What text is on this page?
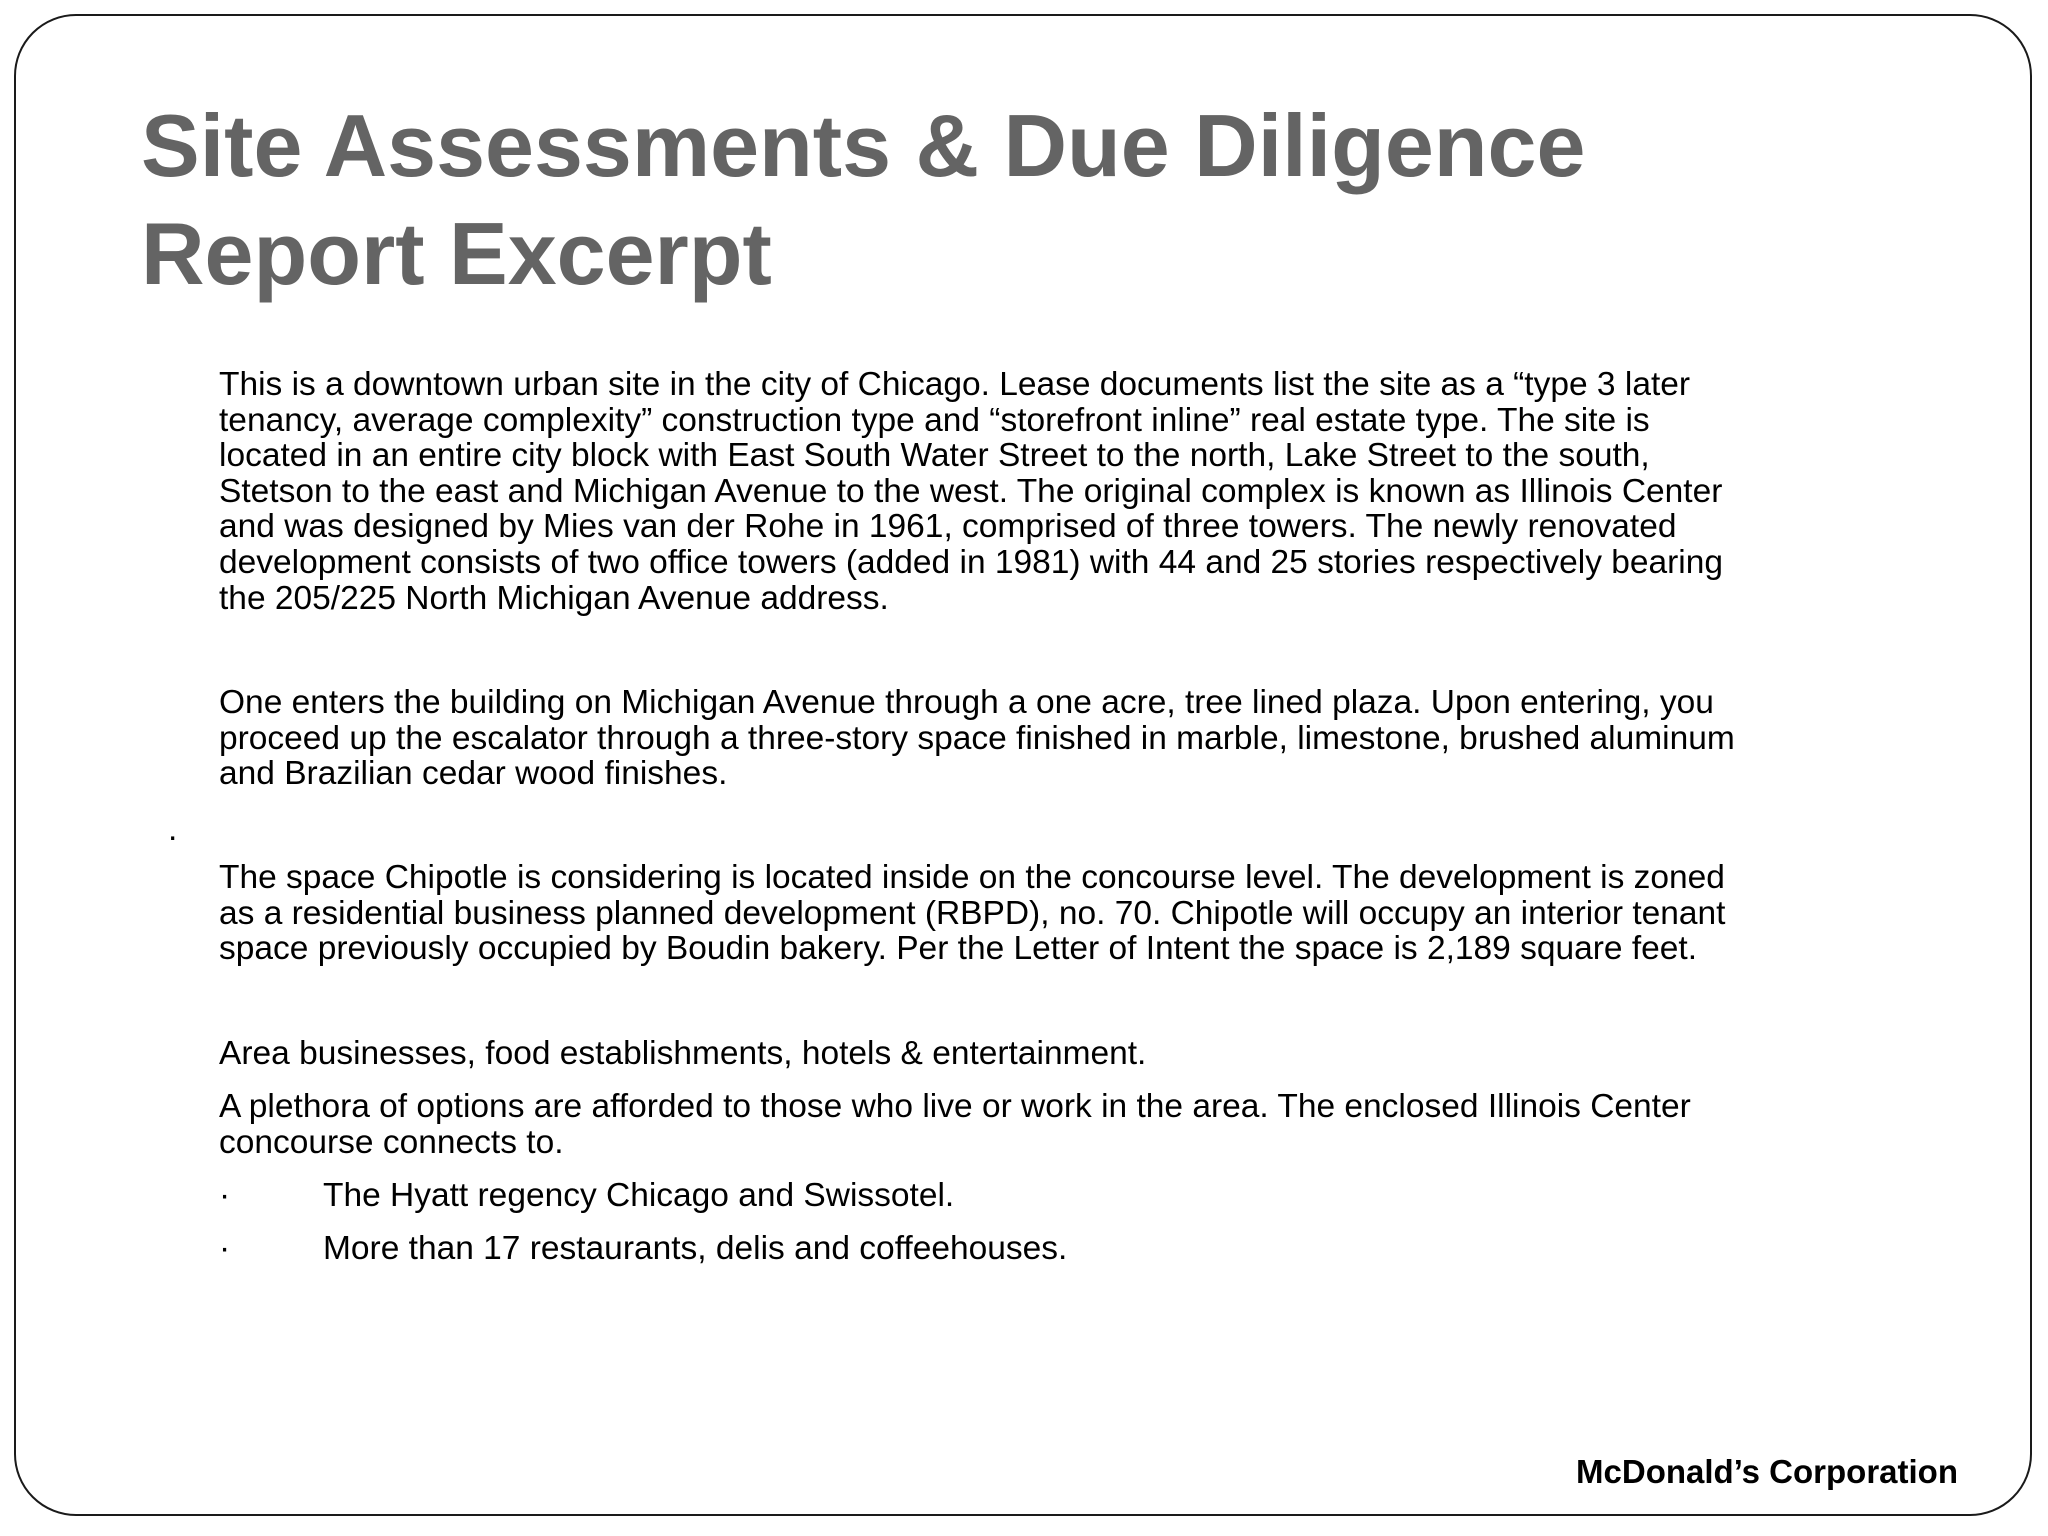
Site Assessments & Due Diligence
Report Excerpt
This is a downtown urban site in the city of Chicago. Lease documents list the site as a “type 3 later
tenancy, average complexity” construction type and “storefront inline” real estate type. The site is
located in an entire city block with East South Water Street to the north, Lake Street to the south,
Stetson to the east and Michigan Avenue to the west. The original complex is known as Illinois Center
and was designed by Mies van der Rohe in 1961, comprised of three towers. The newly renovated
development consists of two office towers (added in 1981) with 44 and 25 stories respectively bearing
the 205/225 North Michigan Avenue address.
One enters the building on Michigan Avenue through a one acre, tree lined plaza. Upon entering, you
proceed up the escalator through a three-story space finished in marble, limestone, brushed aluminum
and Brazilian cedar wood finishes.
.
The space Chipotle is considering is located inside on the concourse level. The development is zoned
as a residential business planned development (RBPD), no. 70. Chipotle will occupy an interior tenant
space previously occupied by Boudin bakery. Per the Letter of Intent the space is 2,189 square feet.
Area businesses, food establishments, hotels & entertainment.
A plethora of options are afforded to those who live or work in the area. The enclosed Illinois Center
concourse connects to.
·	The Hyatt regency Chicago and Swissotel.
·	More than 17 restaurants, delis and coffeehouses.
McDonald’s Corporation
